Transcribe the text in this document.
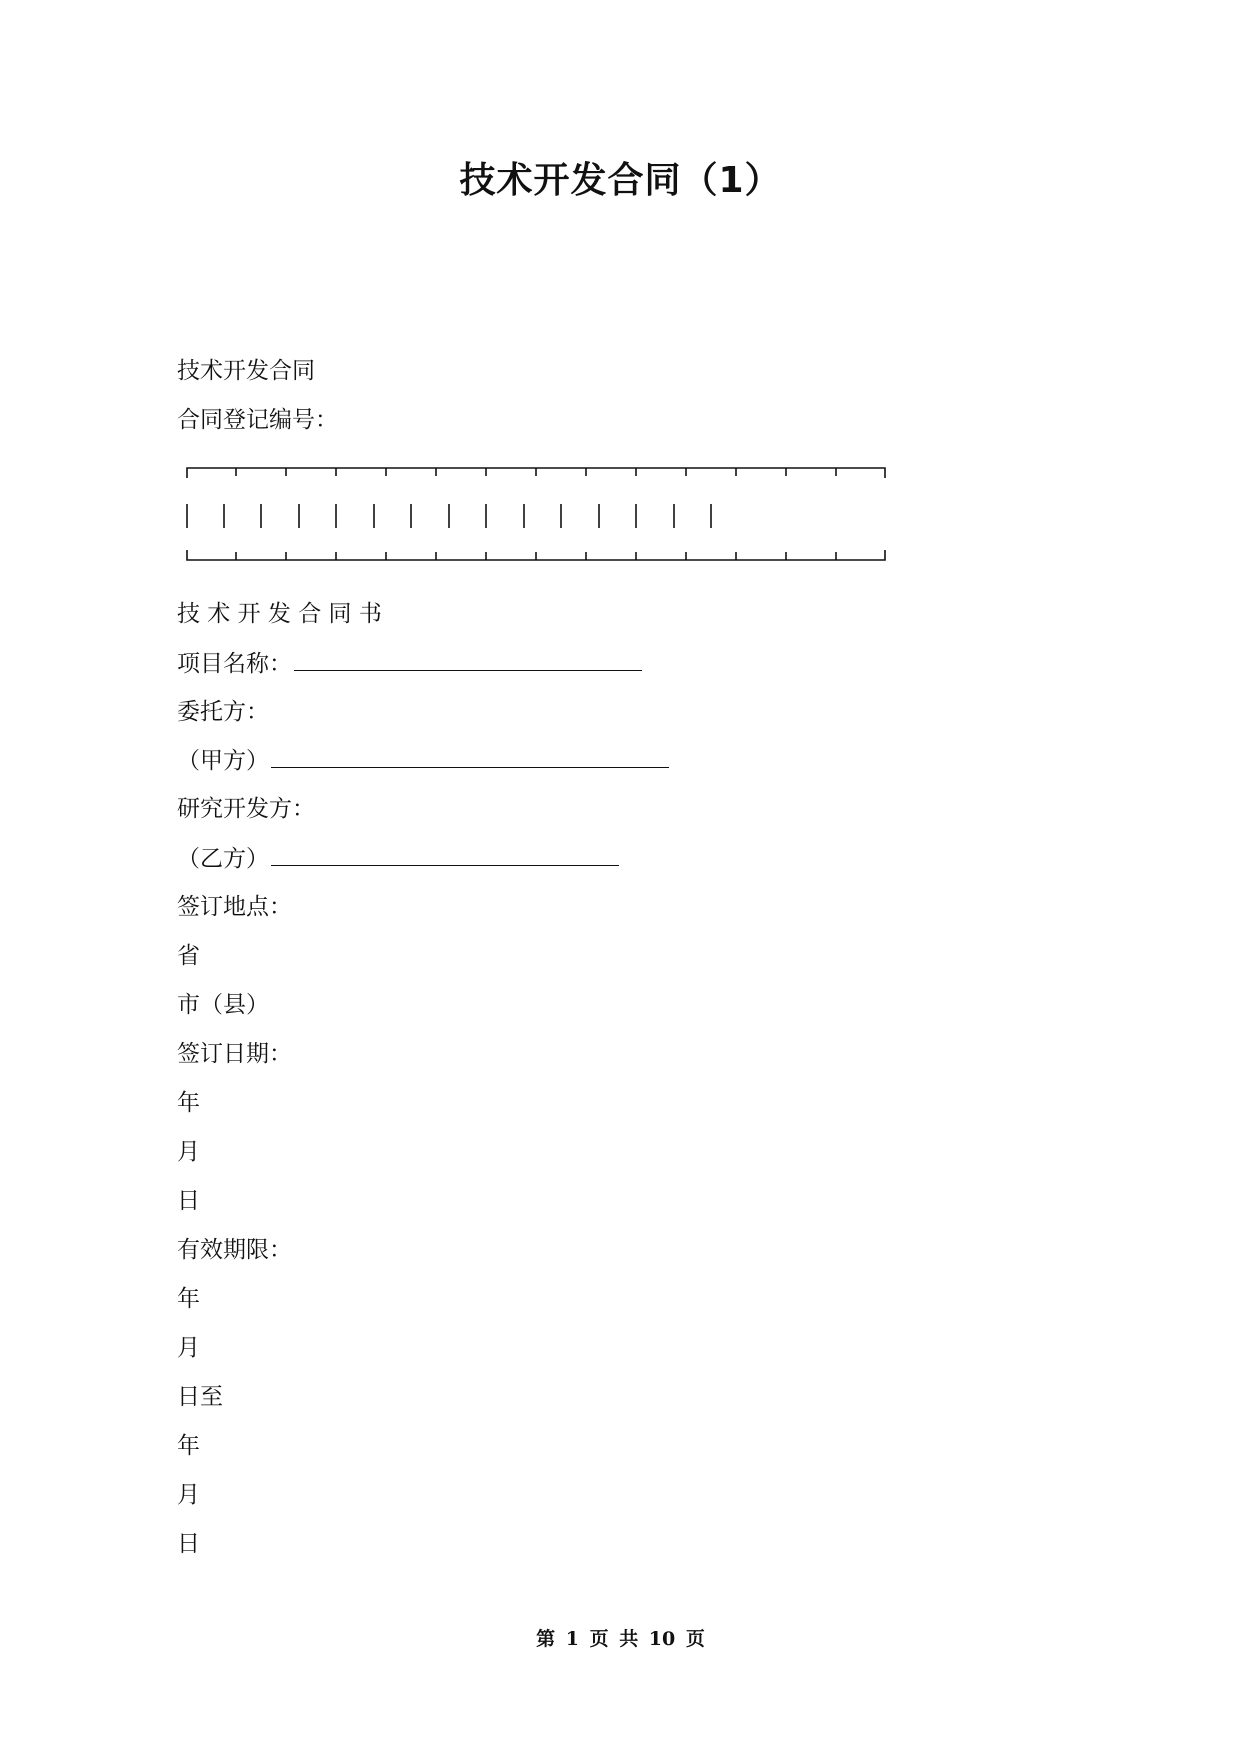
技术开发合同（1）
技术开发合同
合同登记编号：
技 术 开 发 合 同 书
项目名称：
委托方：
（甲方）
研究开发方：
（乙方）
签订地点：
省
市（县）
签订日期：
年
月
日
有效期限：
年
月
日至
年
月
日
第 1 页 共 10 页
